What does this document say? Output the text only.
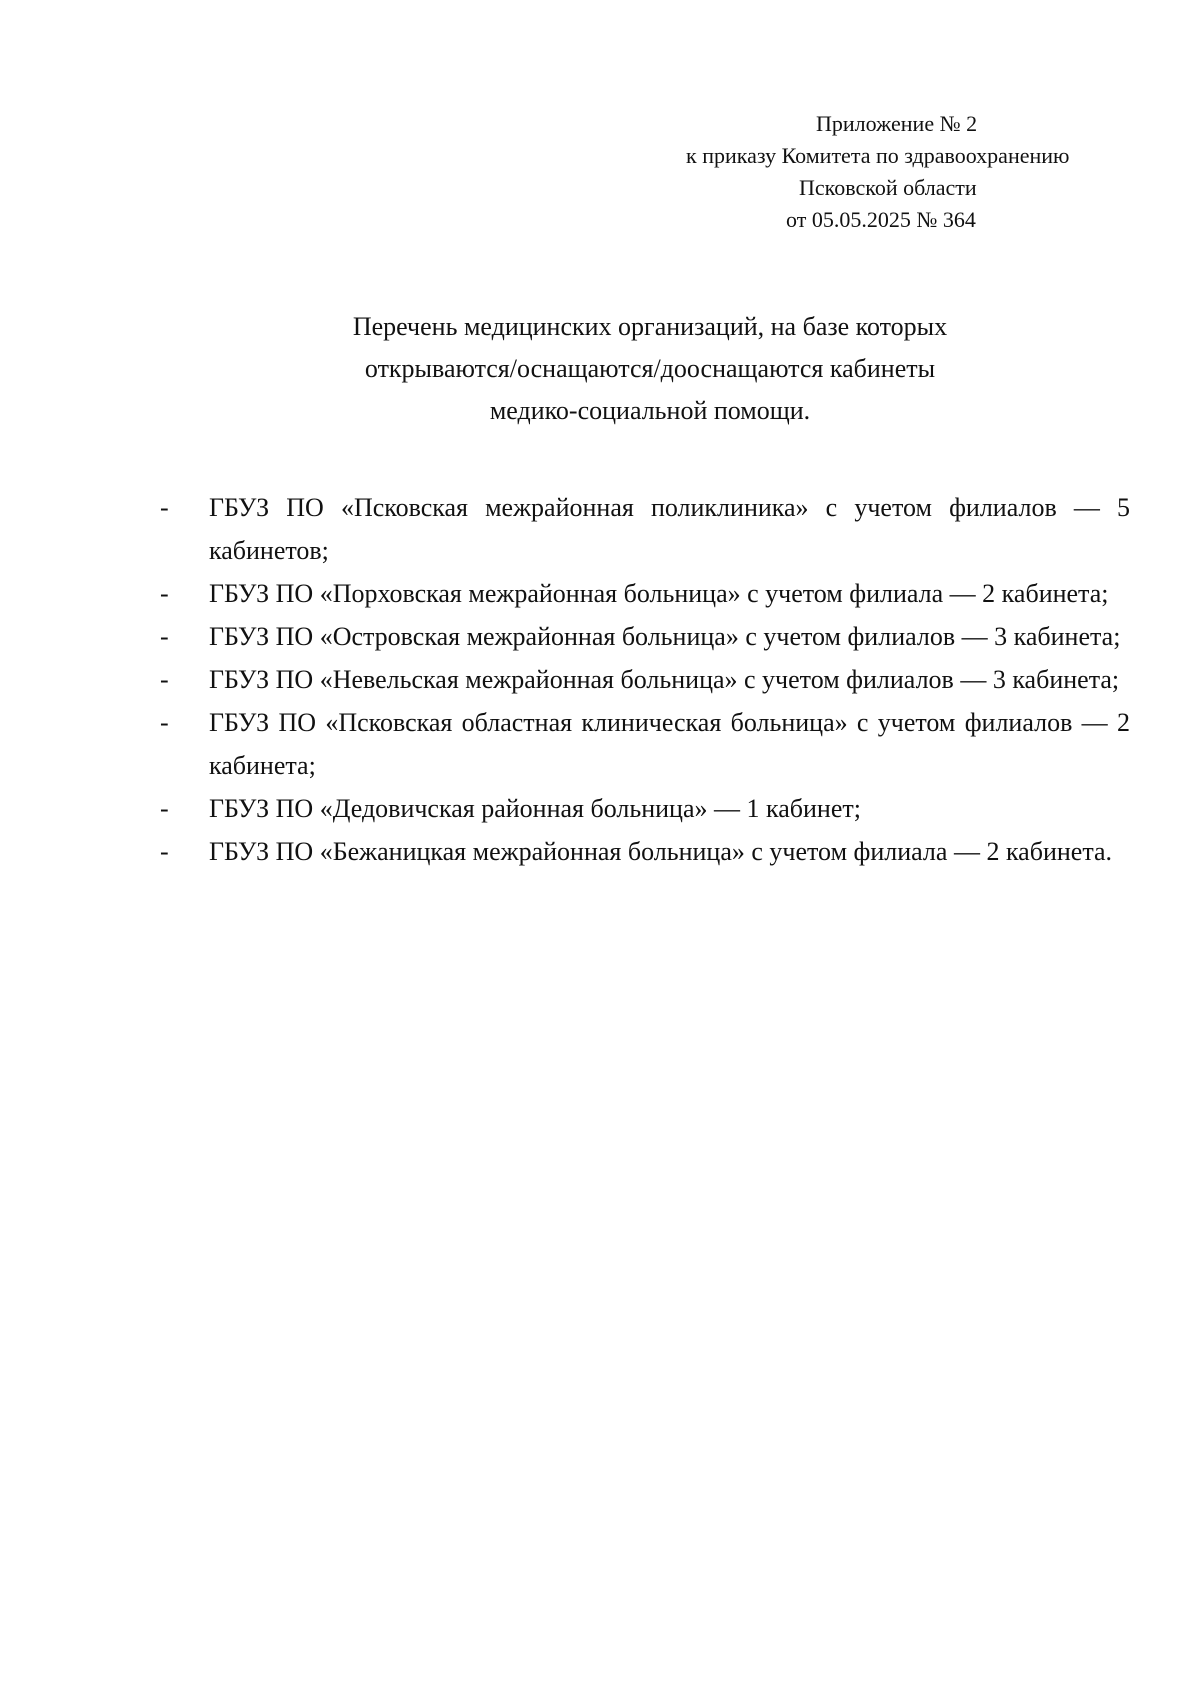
Приложение № 2
к приказу Комитета по здравоохранению
Псковской области
от 05.05.2025 № 364
Перечень медицинских организаций, на базе которых
открываются/оснащаются/дооснащаются кабинеты
медико-социальной помощи.
-	ГБУЗ ПО «Псковская межрайонная поликлиника» с учетом филиалов — 5 кабинетов;
-	ГБУЗ ПО «Порховская межрайонная больница» с учетом филиала — 2 кабинета;
-	ГБУЗ ПО «Островская межрайонная больница» с учетом филиалов — 3 кабинета;
-	ГБУЗ ПО «Невельская межрайонная больница» с учетом филиалов — 3 кабинета;
-	ГБУЗ ПО «Псковская областная клиническая больница» с учетом филиалов — 2 кабинета;
-	ГБУЗ ПО «Дедовичская районная больница» — 1 кабинет;
-	ГБУЗ ПО «Бежаницкая межрайонная больница» с учетом филиала — 2 кабинета.
